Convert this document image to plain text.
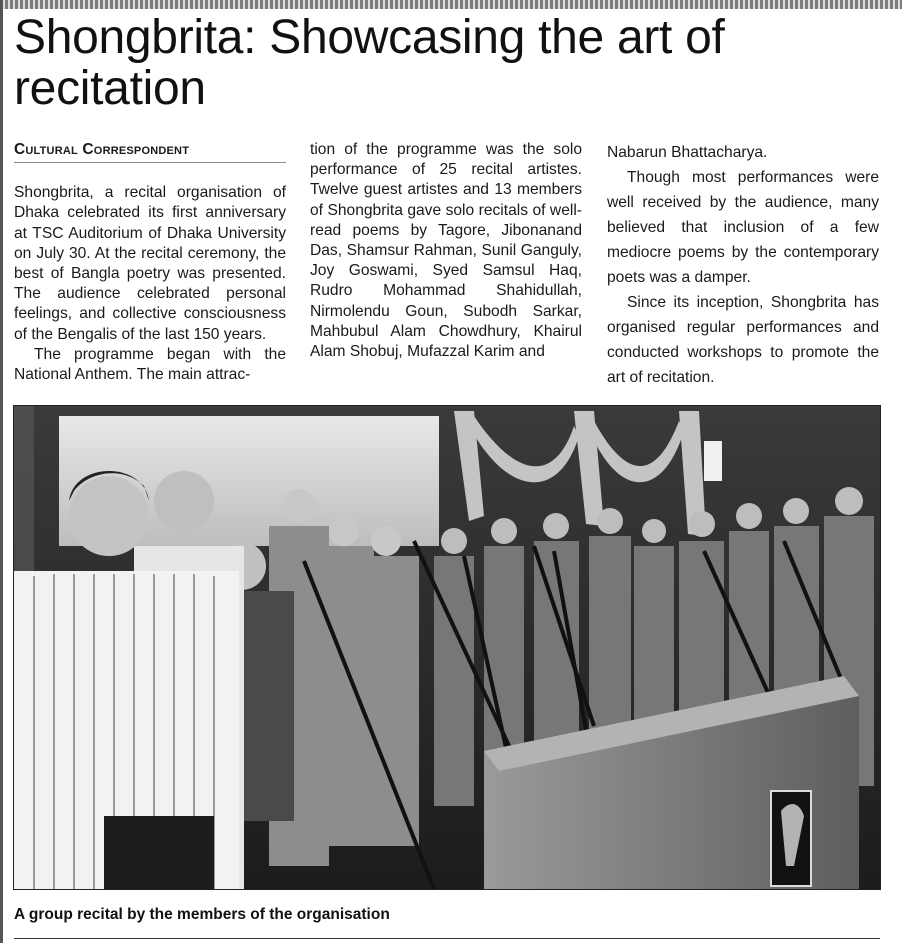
Shongbrita: Showcasing the art of recitation

Cultural Correspondent

Shongbrita, a recital organisation of Dhaka celebrated its first anniversary at TSC Auditorium of Dhaka University on July 30. At the recital ceremony, the best of Bangla poetry was presented. The audience celebrated personal feelings, and collective consciousness of the Bengalis of the last 150 years.

The programme began with the National Anthem. The main attrac-

tion of the programme was the solo performance of 25 recital artistes. Twelve guest artistes and 13 members of Shongbrita gave solo recitals of well-read poems by Tagore, Jibonanand Das, Shamsur Rahman, Sunil Ganguly, Joy Goswami, Syed Samsul Haq, Rudro Mohammad Shahidullah, Nirmolendu Goun, Subodh Sarkar, Mahbubul Alam Chowdhury, Khairul Alam Shobuj, Mufazzal Karim and

Nabarun Bhattacharya.

Though most performances were well received by the audience, many believed that inclusion of a few mediocre poems by the contemporary poets was a damper.

Since its inception, Shongbrita has organised regular performances and conducted workshops to promote the art of recitation.

A group recital by the members of the organisation
